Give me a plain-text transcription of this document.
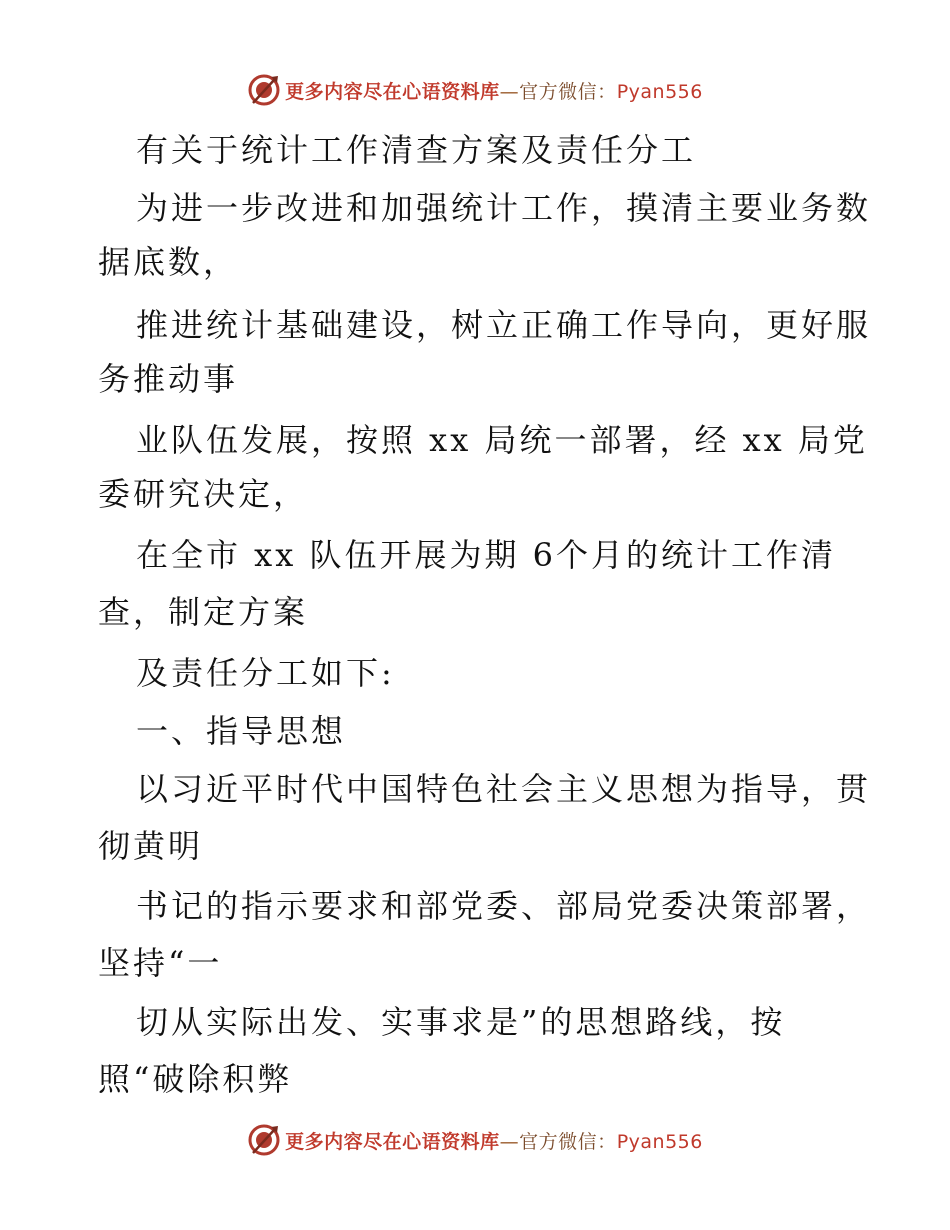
更多内容尽在心语资料库—官方微信：Pyan556
有关于统计工作清查方案及责任分工
为进一步改进和加强统计工作，摸清主要业务数
据底数，
推进统计基础建设，树立正确工作导向，更好服
务推动事
业队伍发展，按照 xx 局统一部署，经 xx 局党
委研究决定，
在全市 xx 队伍开展为期 6个月的统计工作清
查，制定方案
及责任分工如下:
一、指导思想
以习近平时代中国特色社会主义思想为指导，贯
彻黄明
书记的指示要求和部党委、部局党委决策部署，
坚持“一
切从实际出发、实事求是”的思想路线，按
照“破除积弊
更多内容尽在心语资料库—官方微信：Pyan556
